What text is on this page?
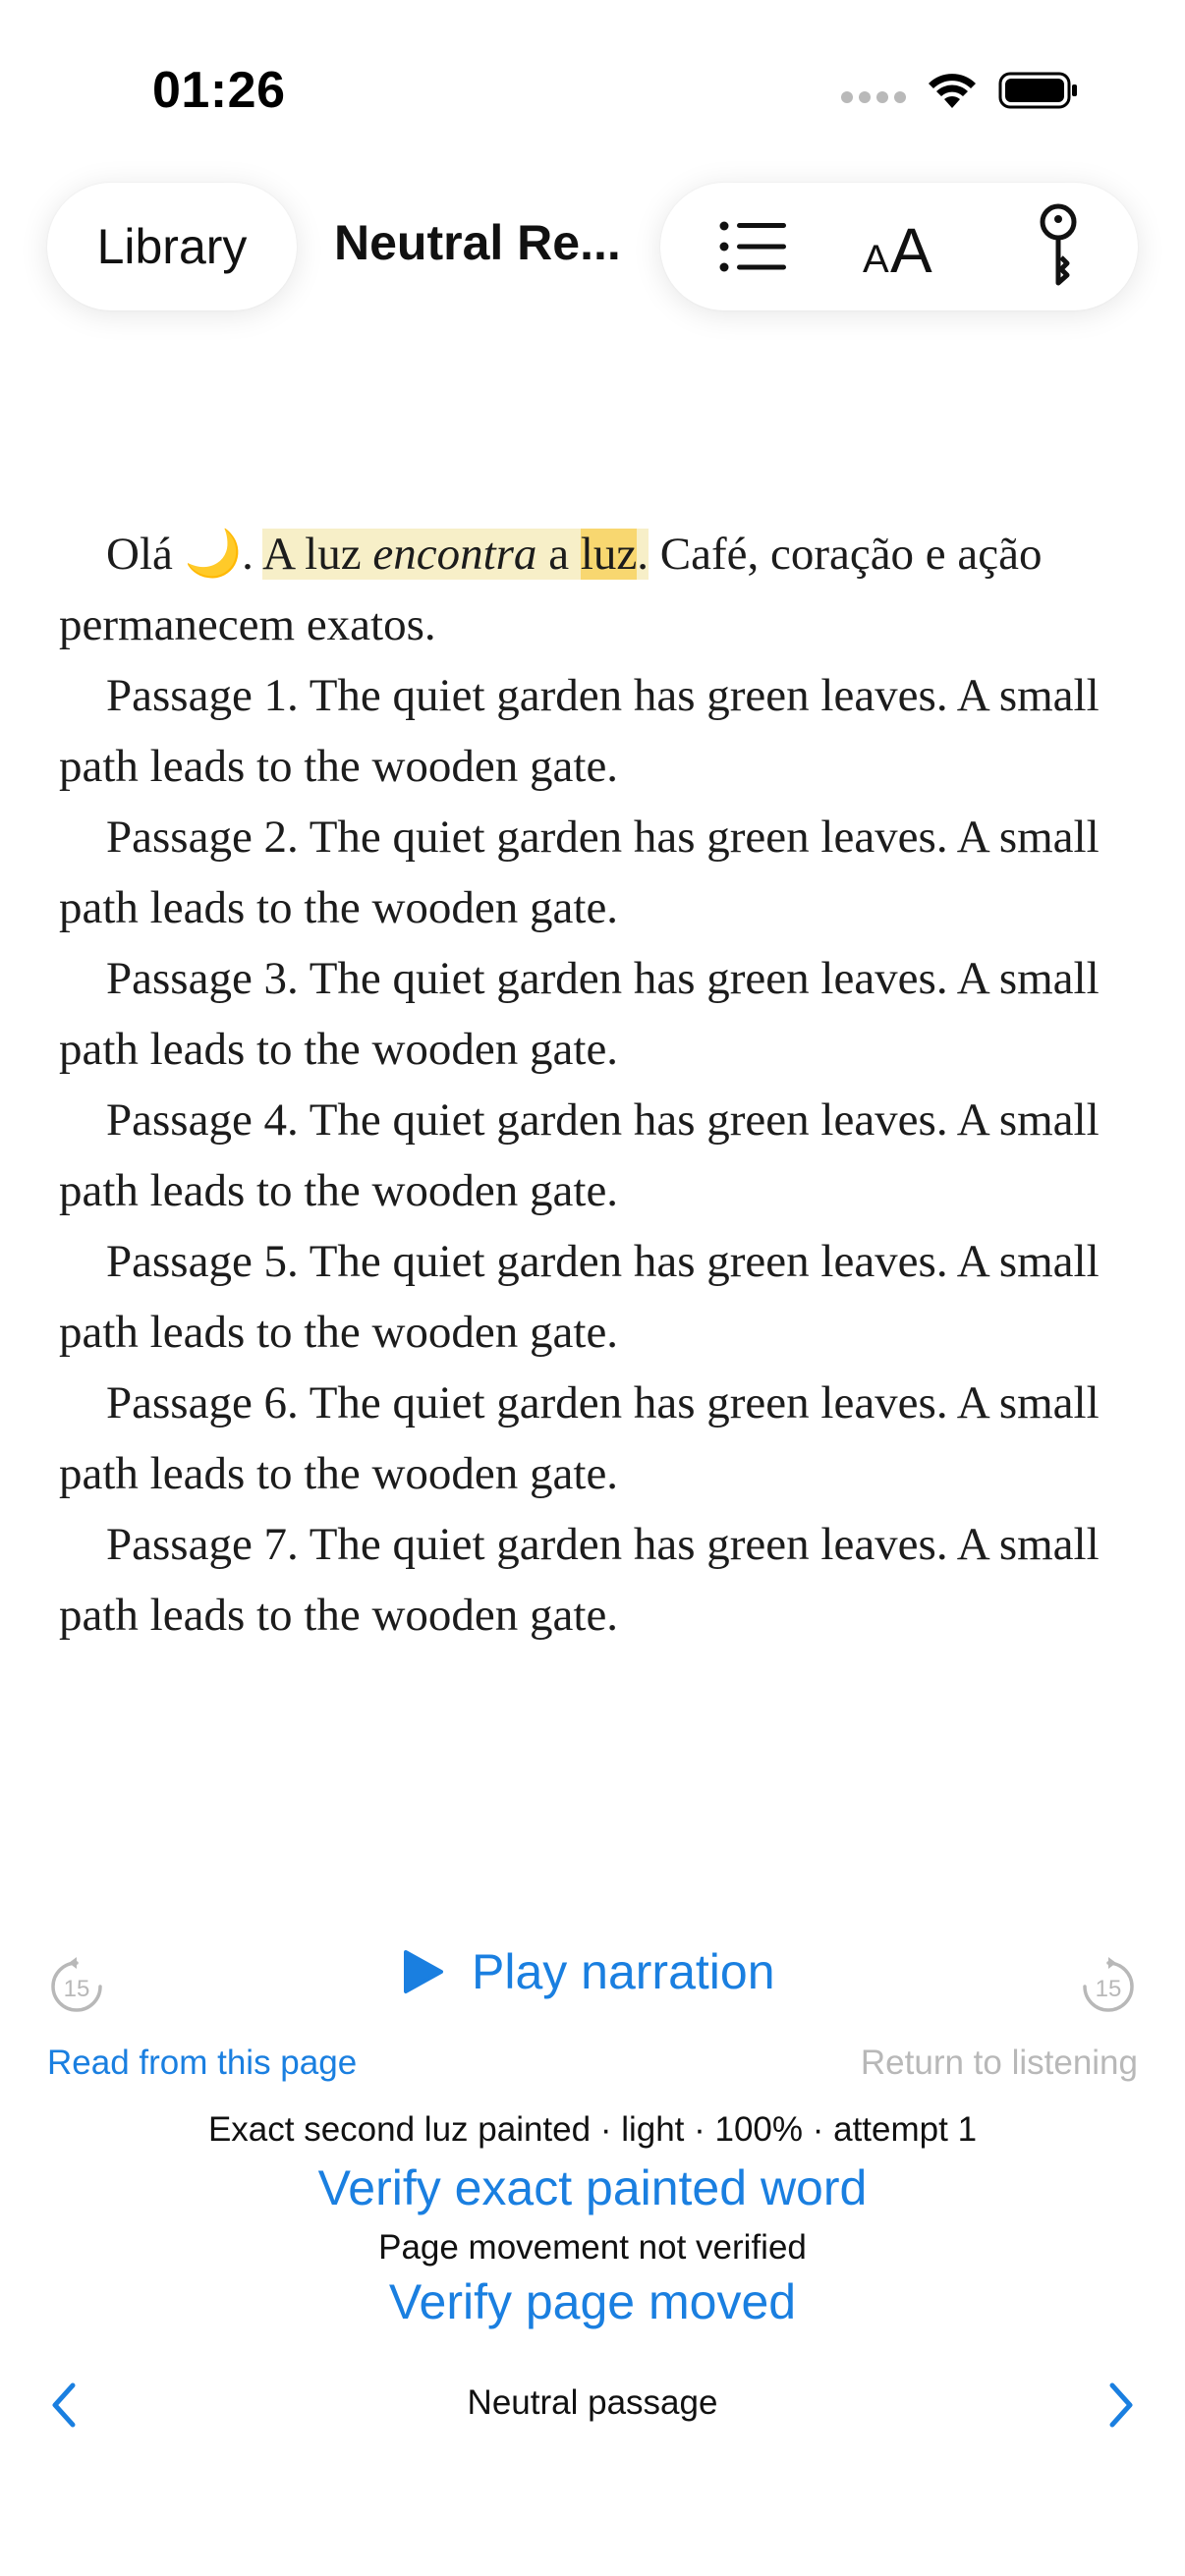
01:26
Library Neutral Re...	A A

Olá 🌙. A luz encontra a luz. Café, coração e ação permanecem exatos.

Passage 1. The quiet garden has green leaves. A small path leads to the wooden gate.

Passage 2. The quiet garden has green leaves. A small path leads to the wooden gate.

Passage 3. The quiet garden has green leaves. A small path leads to the wooden gate.

Passage 4. The quiet garden has green leaves. A small path leads to the wooden gate.

Passage 5. The quiet garden has green leaves. A small path leads to the wooden gate.

Passage 6. The quiet garden has green leaves. A small path leads to the wooden gate.

Passage 7. The quiet garden has green leaves. A small path leads to the wooden gate.

15	Play narration	15
Read from this page	Return to listening
Exact second luz painted · light · 100% · attempt 1
Verify exact painted word
Page movement not verified
Verify page moved
Neutral passage
